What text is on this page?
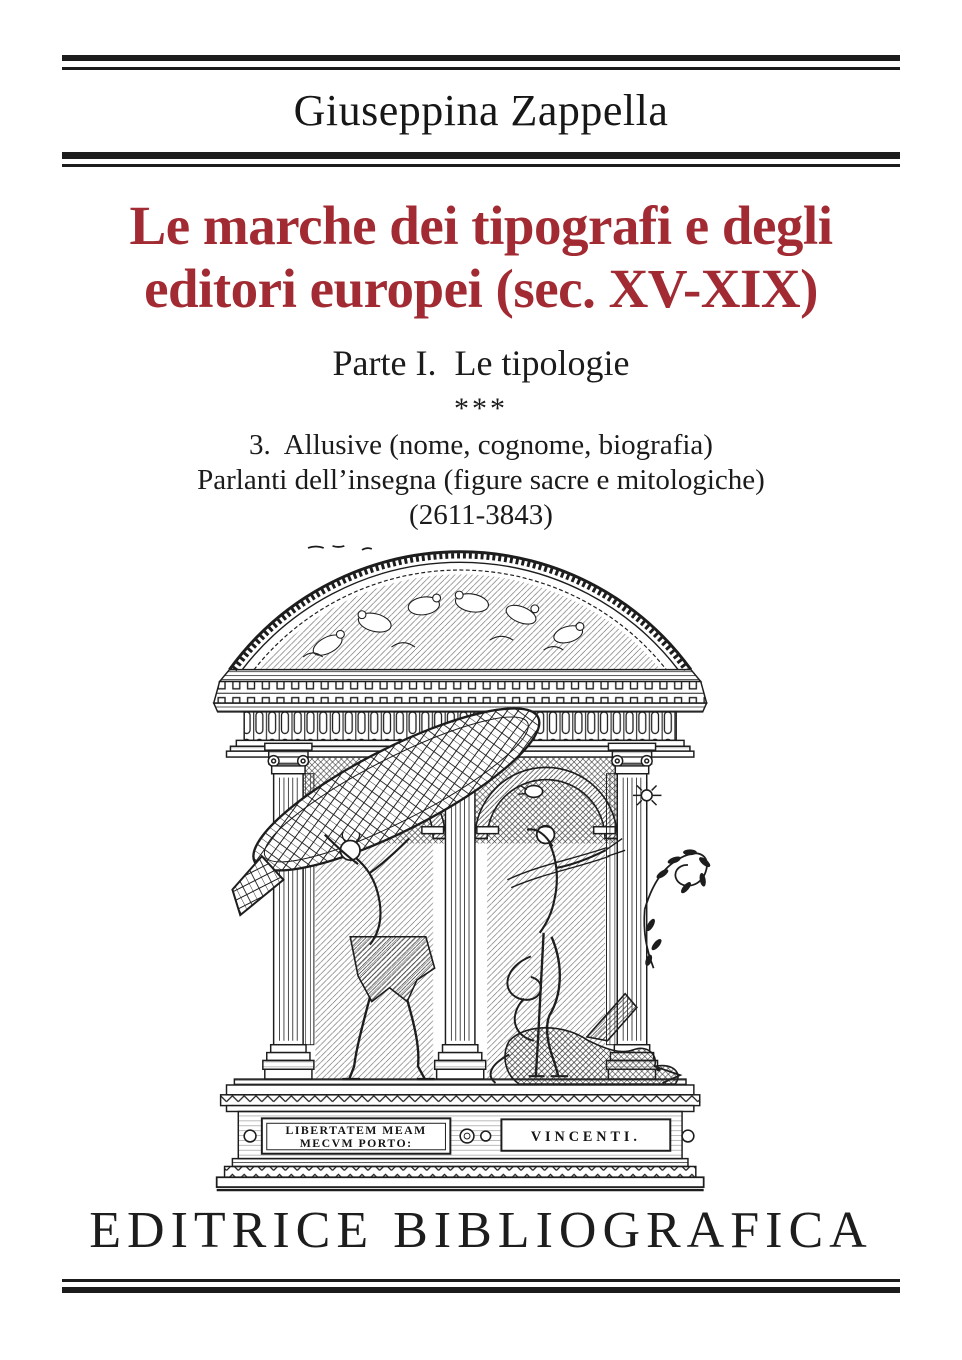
Giuseppina Zappella
Le marche dei tipografi e degli
editori europei (sec. XV-XIX)
Parte I.  Le tipologie
***
3.  Allusive (nome, cognome, biografia)
Parlanti dell’insegna (figure sacre e mitologiche)
(2611-3843)
LIBERTATEM MEAM
MECVM PORTO:	VINCENTI.
EDITRICE BIBLIOGRAFICA
